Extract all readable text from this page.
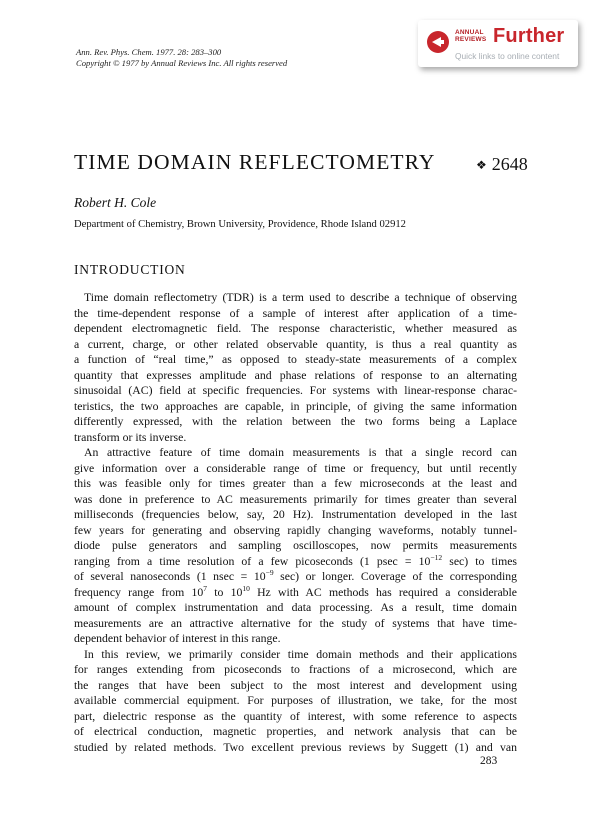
Ann. Rev. Phys. Chem. 1977. 28: 283–300
Copyright © 1977 by Annual Reviews Inc. All rights reserved
ANNUAL
REVIEWS Further
Quick links to online content
TIME DOMAIN REFLECTOMETRY	❖ 2648
Robert H. Cole
Department of Chemistry, Brown University, Providence, Rhode Island 02912
INTRODUCTION
Time domain reflectometry (TDR) is a term used to describe a technique of observing
the time-dependent response of a sample of interest after application of a time-
dependent electromagnetic field. The response characteristic, whether measured as
a current, charge, or other related observable quantity, is thus a real quantity as
a function of “real time,” as opposed to steady-state measurements of a complex
quantity that expresses amplitude and phase relations of response to an alternating
sinusoidal (AC) field at specific frequencies. For systems with linear-response charac-
teristics, the two approaches are capable, in principle, of giving the same information
differently expressed, with the relation between the two forms being a Laplace
transform or its inverse.
An attractive feature of time domain measurements is that a single record can
give information over a considerable range of time or frequency, but until recently
this was feasible only for times greater than a few microseconds at the least and
was done in preference to AC measurements primarily for times greater than several
milliseconds (frequencies below, say, 20 Hz). Instrumentation developed in the last
few years for generating and observing rapidly changing waveforms, notably tunnel-
diode pulse generators and sampling oscilloscopes, now permits measurements
ranging from a time resolution of a few picoseconds (1 $psec = 10^{-12}$ sec) to times
of several nanoseconds (1 $nsec = 10^{-9}$ sec) or longer. Coverage of the corresponding
frequency range from $10^7$ to $10^{10}$ Hz with AC methods has required a considerable
amount of complex instrumentation and data processing. As a result, time domain
measurements are an attractive alternative for the study of systems that have time-
dependent behavior of interest in this range.
In this review, we primarily consider time domain methods and their applications
for ranges extending from picoseconds to fractions of a microsecond, which are
the ranges that have been subject to the most interest and development using
available commercial equipment. For purposes of illustration, we take, for the most
part, dielectric response as the quantity of interest, with some reference to aspects
of electrical conduction, magnetic properties, and network analysis that can be
studied by related methods. Two excellent previous reviews by Suggett (1) and van
283
